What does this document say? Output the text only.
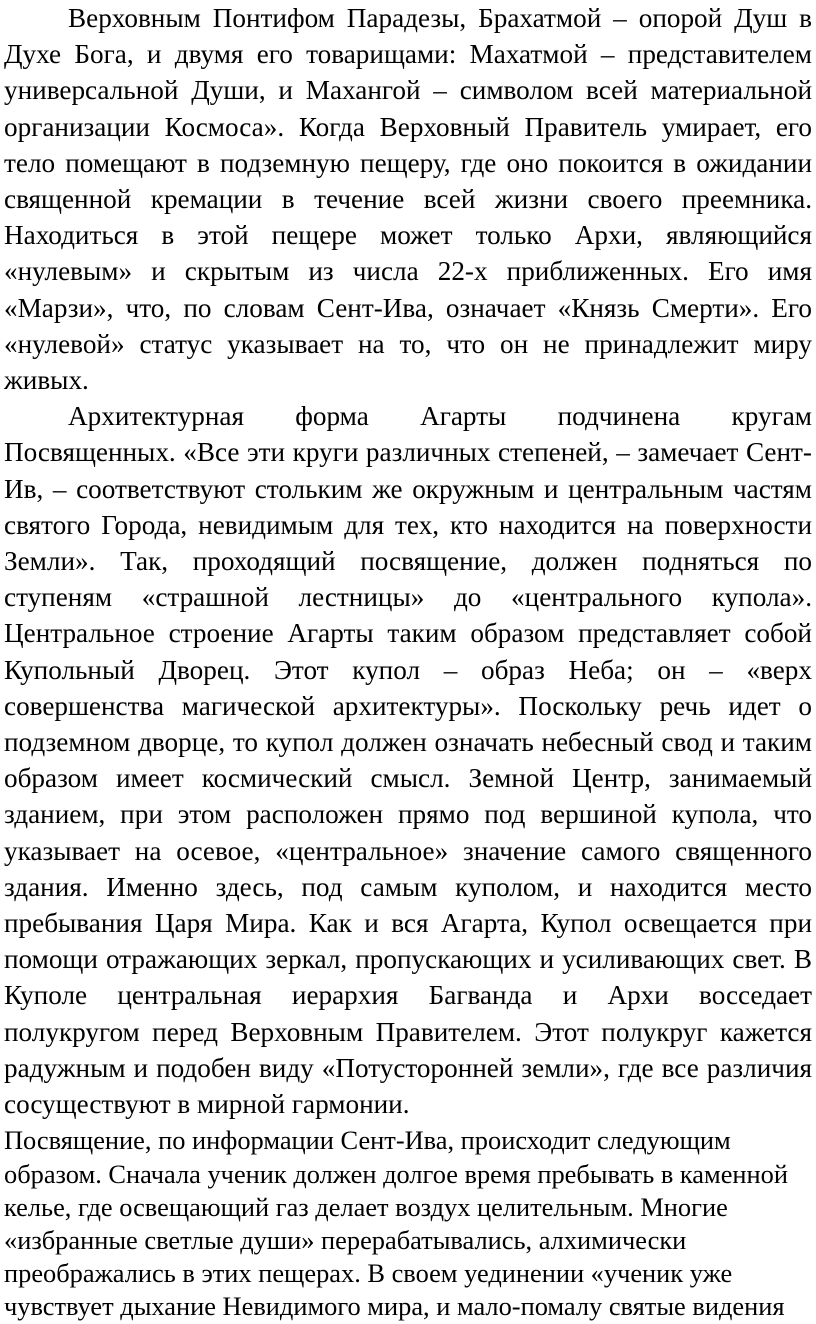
Верховным Понтифом Парадезы, Брахатмой – опорой Душ в Духе Бога, и двумя его товарищами: Махатмой – представителем универсальной Души, и Махангой – символом всей материальной организации Космоса». Когда Верховный Правитель умирает, его тело помещают в подземную пещеру, где оно покоится в ожидании священной кремации в течение всей жизни своего преемника. Находиться в этой пещере может только Архи, являющийся «нулевым» и скрытым из числа 22-х приближенных. Его имя «Марзи», что, по словам Сент-Ива, означает «Князь Смерти». Его «нулевой» статус указывает на то, что он не принадлежит миру живых.

Архитектурная форма Агарты подчинена кругам Посвященных. «Все эти круги различных степеней, – замечает Сент-Ив, – соответствуют стольким же окружным и центральным частям святого Города, невидимым для тех, кто находится на поверхности Земли». Так, проходящий посвящение, должен подняться по ступеням «страшной лестницы» до «центрального купола». Центральное строение Агарты таким образом представляет собой Купольный Дворец. Этот купол – образ Неба; он – «верх совершенства магической архитектуры». Поскольку речь идет о подземном дворце, то купол должен означать небесный свод и таким образом имеет космический смысл. Земной Центр, занимаемый зданием, при этом расположен прямо под вершиной купола, что указывает на осевое, «центральное» значение самого священного здания. Именно здесь, под самым куполом, и находится место пребывания Царя Мира. Как и вся Агарта, Купол освещается при помощи отражающих зеркал, пропускающих и усиливающих свет. В Куполе центральная иерархия Багванда и Архи восседает полукругом перед Верховным Правителем. Этот полукруг кажется радужным и подобен виду «Потусторонней земли», где все различия сосуществуют в мирной гармонии.

Посвящение, по информации Сент-Ива, происходит следующим
образом. Сначала ученик должен долгое время пребывать в каменной
келье, где освещающий газ делает воздух целительным. Многие
«избранные светлые души» перерабатывались, алхимически
преображались в этих пещерах. В своем уединении «ученик уже
чувствует дыхание Невидимого мира, и мало-помалу святые видения
